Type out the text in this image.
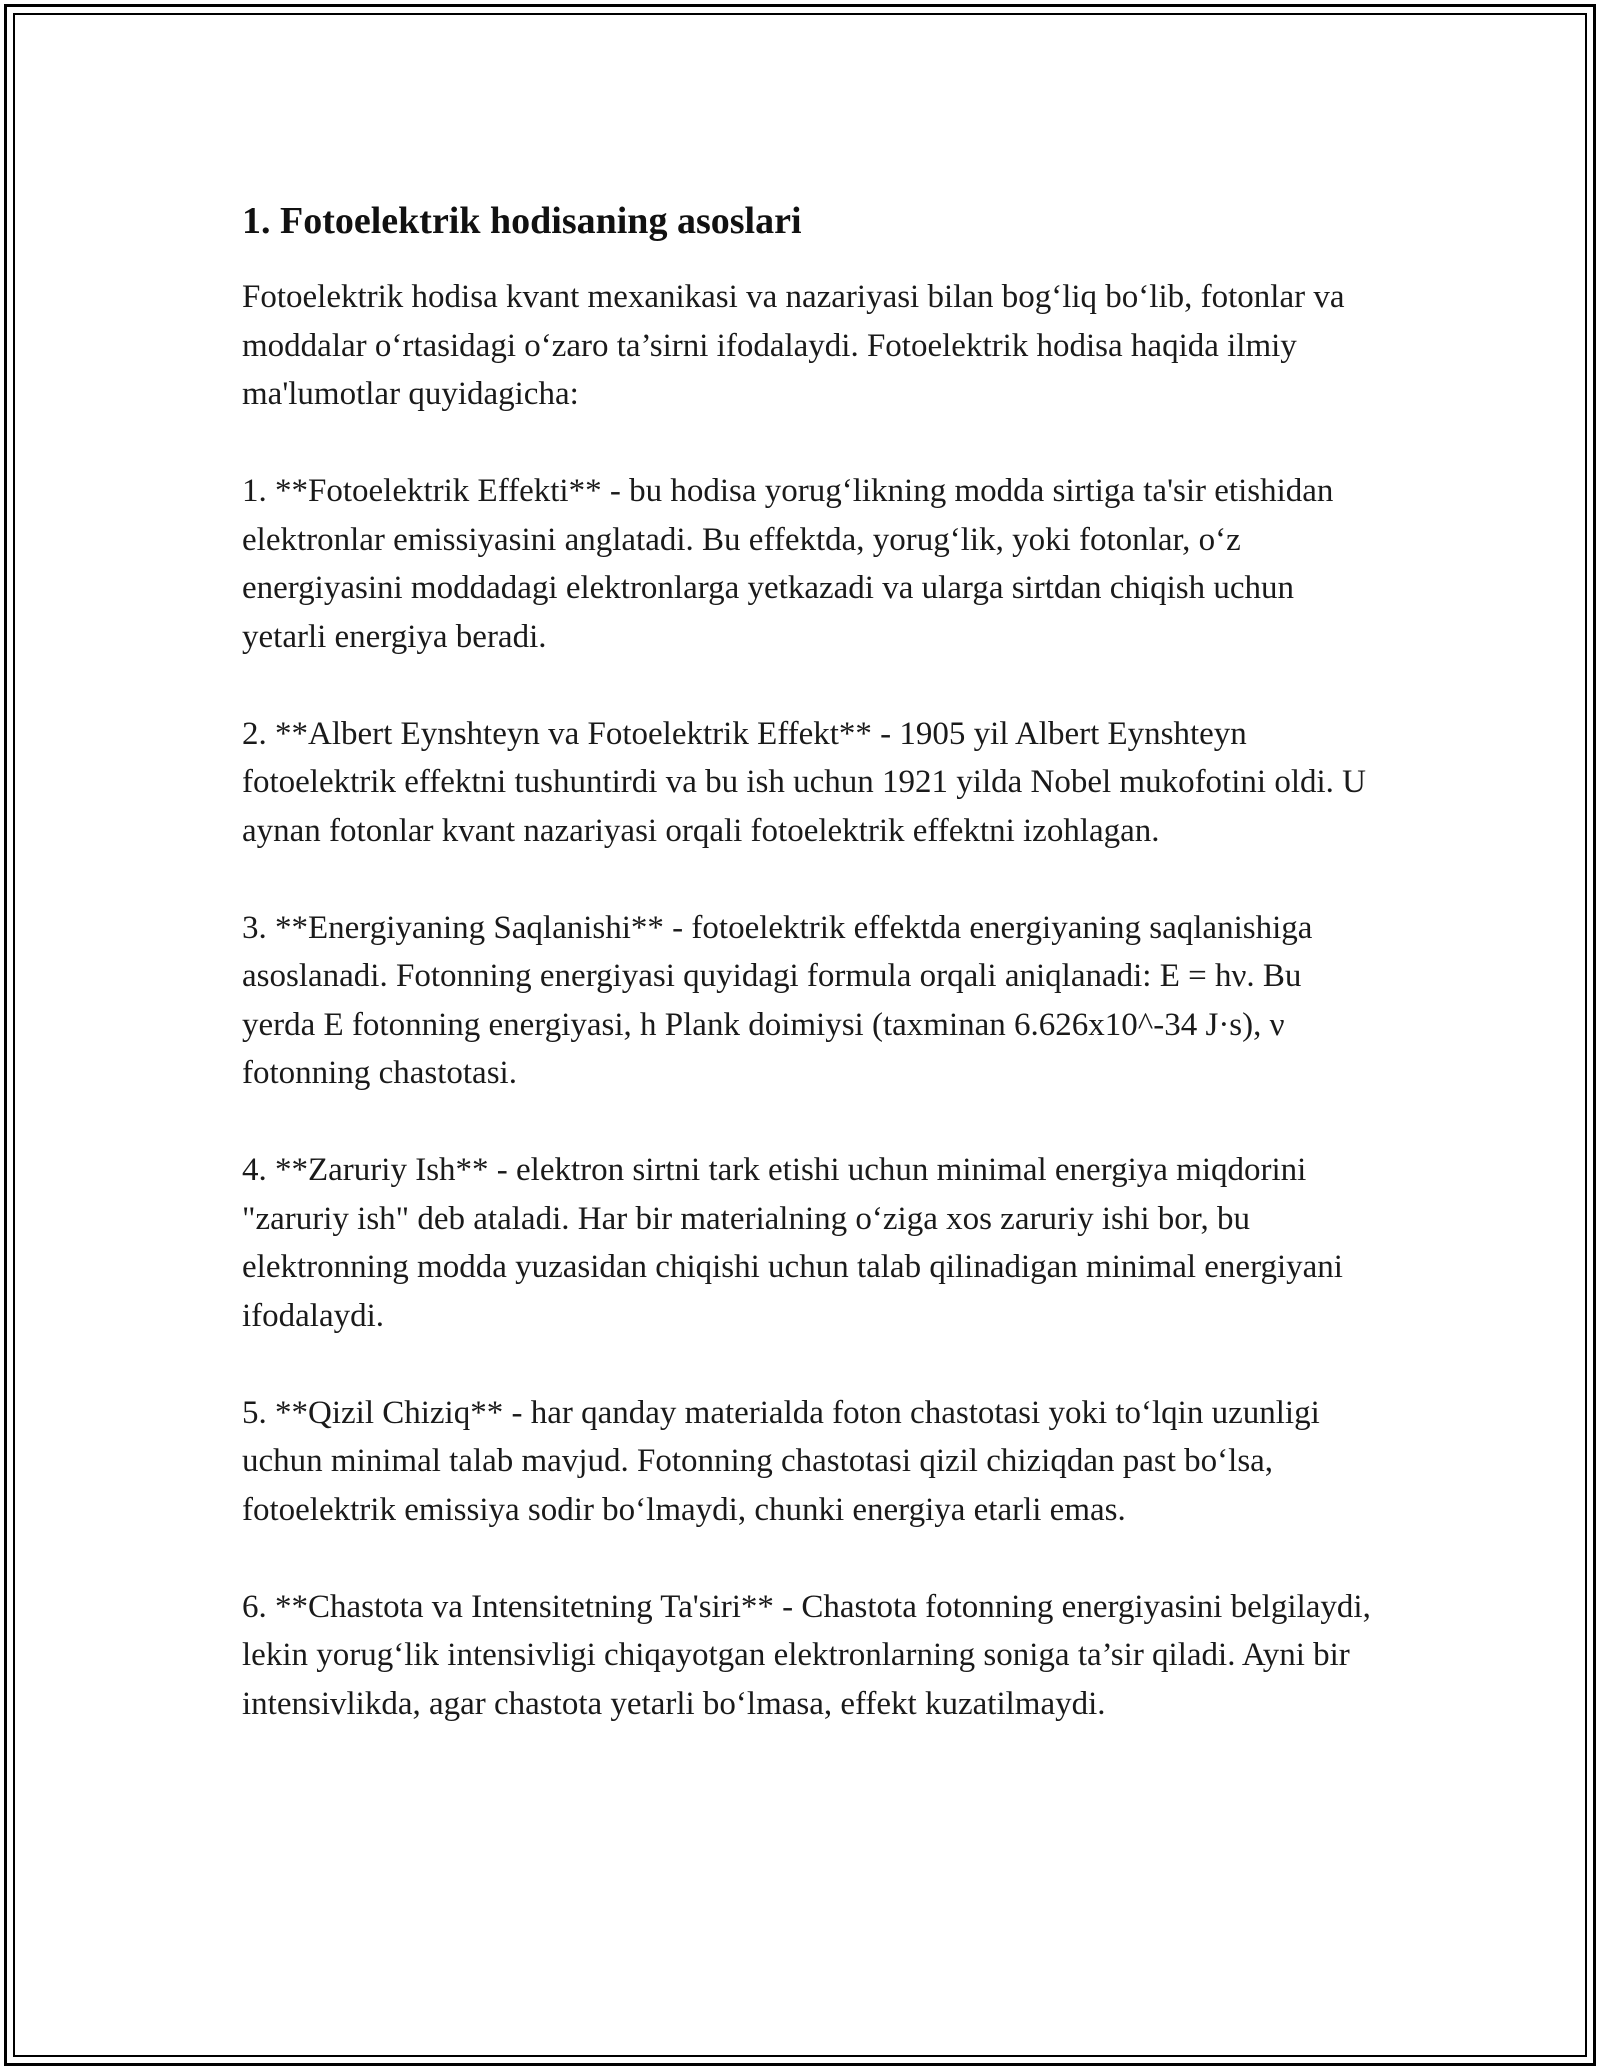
1. Fotoelektrik hodisaning asoslari

Fotoelektrik hodisa kvant mexanikasi va nazariyasi bilan bog‘liq bo‘lib, fotonlar va moddalar o‘rtasidagi o‘zaro ta’sirni ifodalaydi. Fotoelektrik hodisa haqida ilmiy ma'lumotlar quyidagicha:

1. **Fotoelektrik Effekti** - bu hodisa yorug‘likning modda sirtiga ta'sir etishidan elektronlar emissiyasini anglatadi. Bu effektda, yorug‘lik, yoki fotonlar, o‘z energiyasini moddadagi elektronlarga yetkazadi va ularga sirtdan chiqish uchun yetarli energiya beradi.

2. **Albert Eynshteyn va Fotoelektrik Effekt** - 1905 yil Albert Eynshteyn fotoelektrik effektni tushuntirdi va bu ish uchun 1921 yilda Nobel mukofotini oldi. U aynan fotonlar kvant nazariyasi orqali fotoelektrik effektni izohlagan.

3. **Energiyaning Saqlanishi** - fotoelektrik effektda energiyaning saqlanishiga asoslanadi. Fotonning energiyasi quyidagi formula orqali aniqlanadi: E = hν. Bu yerda E fotonning energiyasi, h Plank doimiysi (taxminan 6.626x10^-34 J·s), ν fotonning chastotasi.

4. **Zaruriy Ish** - elektron sirtni tark etishi uchun minimal energiya miqdorini "zaruriy ish" deb ataladi. Har bir materialning o‘ziga xos zaruriy ishi bor, bu elektronning modda yuzasidan chiqishi uchun talab qilinadigan minimal energiyani ifodalaydi.

5. **Qizil Chiziq** - har qanday materialda foton chastotasi yoki to‘lqin uzunligi uchun minimal talab mavjud. Fotonning chastotasi qizil chiziqdan past bo‘lsa, fotoelektrik emissiya sodir bo‘lmaydi, chunki energiya etarli emas.

6. **Chastota va Intensitetning Ta'siri** - Chastota fotonning energiyasini belgilaydi, lekin yorug‘lik intensivligi chiqayotgan elektronlarning soniga ta’sir qiladi. Ayni bir intensivlikda, agar chastota yetarli bo‘lmasa, effekt kuzatilmaydi.
